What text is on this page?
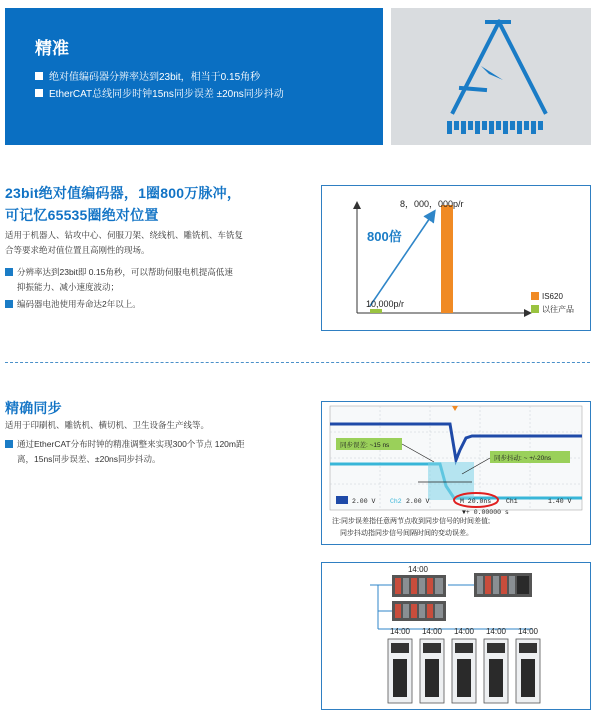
精准
绝对值编码器分辨率达到23bit，相当于0.15角秒
EtherCAT总线同步时钟15ns同步误差 ±20ns同步抖动
23bit绝对值编码器，1圈800万脉冲，
可记忆65535圈绝对位置
适用于机器人、钻攻中心、伺服刀架、绕线机、雕铣机、车铣复
合等要求绝对值位置且高刚性的现场。
分辨率达到23bit即 0.15角秒，可以帮助伺服电机提高低速
抑振能力、减小速度波动；
编码器电池使用寿命达2年以上。
8，000，000p/r
10,000p/r
800倍
IS620
以往产品
精确同步
适用于印刷机、雕铣机、横切机、卫生设备生产线等。
通过EtherCAT分布时钟的精准调整来实现300个节点 120m距
离，15ns同步误差、±20ns同步抖动。
同步误差: ~15 ns
同步抖动: ~ +/-20ns
2.00 V Ch2 2.00 V	M 20.0ns Ch1	1.40 V
▼+ 0.00000 s
注:同步误差指任意两节点收到同步信号的时间差值;
同步抖动指同步信号间隔时间的变动误差。
14:00
14:00 14:00 14:00 14:00 14:00
